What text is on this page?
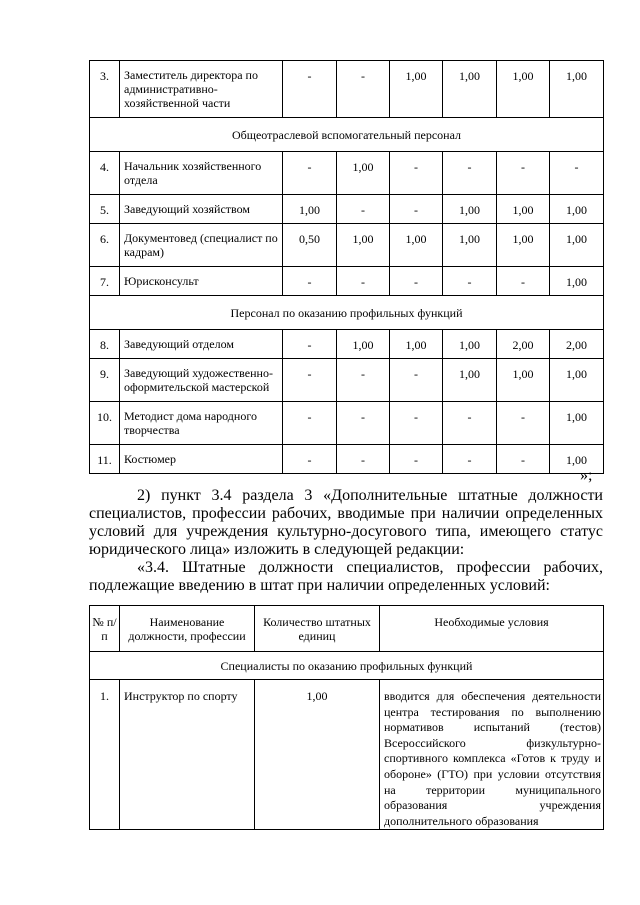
3.	Заместитель директора по административно-хозяйственной части	-	-	1,00	1,00	1,00	1,00
Общеотраслевой вспомогательный персонал							
4.	Начальник хозяйственного отдела	-	1,00	-	-	-	-
5.	Заведующий хозяйством	1,00	-	-	1,00	1,00	1,00
6.	Документовед (специалист по кадрам)	0,50	1,00	1,00	1,00	1,00	1,00
7.	Юрисконсульт	-	-	-	-	-	1,00
Персонал по оказанию профильных функций							
8.	Заведующий отделом	-	1,00	1,00	1,00	2,00	2,00
9.	Заведующий художественно-оформительской мастерской	-	-	-	1,00	1,00	1,00
10.	Методист дома народного творчества	-	-	-	-	-	1,00
11.	Костюмер	-	-	-	-	-	1,00
»;
2) пункт 3.4 раздела 3 «Дополнительные штатные должности специалистов, профессии рабочих, вводимые при наличии определенных условий для учреждения культурно-досугового типа, имеющего статус юридического лица» изложить в следующей редакции:
«3.4. Штатные должности специалистов, профессии рабочих, подлежащие введению в штат при наличии определенных условий:
№ п/п	Наименование должности, профессии	Количество штатных единиц	Необходимые условия
Специалисты по оказанию профильных функций			
1.	Инструктор по спорту	1,00	вводится для обеспечения деятельности центра тестирования по выполнению нормативов испытаний (тестов) Всероссийского физкультурно-спортивного комплекса «Готов к труду и обороне» (ГТО) при условии отсутствия на территории муниципального образования учреждения дополнительного образования
